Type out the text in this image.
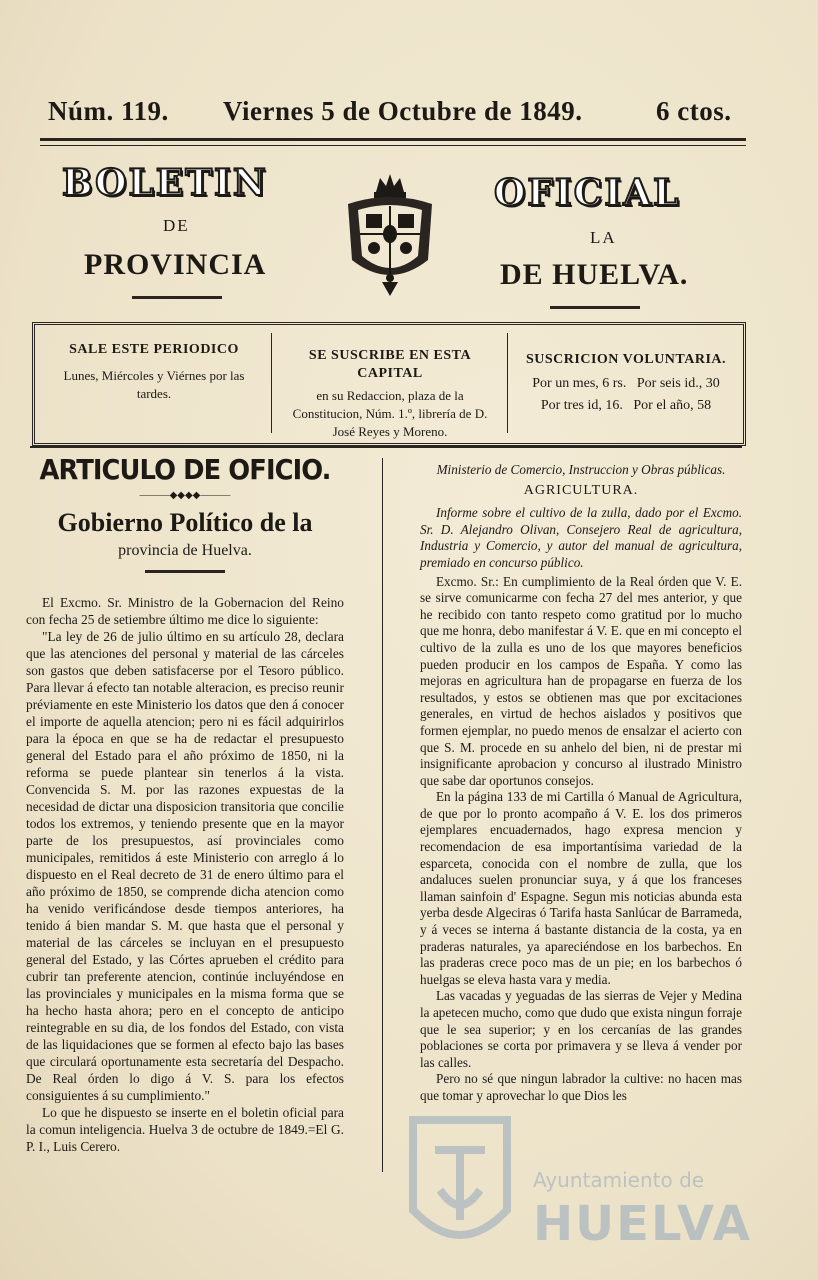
Núm. 119. Viernes 5 de Octubre de 1849.	6 ctos.
BOLETIN	OFICIAL
DE
LA
PROVINCIA	DE HUELVA.
SALE ESTE PERIODICO
Lunes, Miércoles y Viérnes por las tardes.
SE SUSCRIBE EN ESTA CAPITAL
en su Redaccion, plaza de la Constitucion, Núm. 1.º, librería de D. José Reyes y Moreno.
SUSCRICION VOLUNTARIA.
Por un mes, 6 rs.   Por seis id., 30
Por tres id, 16.   Por el año, 58
ARTICULO DE OFICIO.
———◆◆◆◆———
Gobierno Político de la
provincia de Huelva.

El Excmo. Sr. Ministro de la Gobernacion del Reino con fecha 25 de setiembre último me dice lo siguiente:

"La ley de 26 de julio último en su artículo 28, declara que las atenciones del personal y material de las cárceles son gastos que deben satisfacerse por el Tesoro público. Para llevar á efecto tan notable alteracion, es preciso reunir préviamente en este Ministerio los datos que den á conocer el importe de aquella atencion; pero ni es fácil adquirirlos para la época en que se ha de redactar el presupuesto general del Estado para el año próximo de 1850, ni la reforma se puede plantear sin tenerlos á la vista. Convencida S. M. por las razones expuestas de la necesidad de dictar una disposicion transitoria que concilie todos los extremos, y teniendo presente que en la mayor parte de los presupuestos, así provinciales como municipales, remitidos á este Ministerio con arreglo á lo dispuesto en el Real decreto de 31 de enero último para el año próximo de 1850, se comprende dicha atencion como ha venido verificándose desde tiempos anteriores, ha tenido á bien mandar S. M. que hasta que el personal y material de las cárceles se incluyan en el presupuesto general del Estado, y las Córtes aprueben el crédito para cubrir tan preferente atencion, continúe incluyéndose en las provinciales y municipales en la misma forma que se ha hecho hasta ahora; pero en el concepto de anticipo reintegrable en su dia, de los fondos del Estado, con vista de las liquidaciones que se formen al efecto bajo las bases que circulará oportunamente esta secretaría del Despacho. De Real órden lo digo á V. S. para los efectos consiguientes á su cumplimiento."

Lo que he dispuesto se inserte en el boletin oficial para la comun inteligencia. Huelva 3 de octubre de 1849.=El G. P. I., Luis Cerero.

Ministerio de Comercio, Instruccion y Obras públicas.
AGRICULTURA.

Informe sobre el cultivo de la zulla, dado por el Excmo. Sr. D. Alejandro Olivan, Consejero Real de agricultura, Industria y Comercio, y autor del manual de agricultura, premiado en concurso público.

Excmo. Sr.: En cumplimiento de la Real órden que V. E. se sirve comunicarme con fecha 27 del mes anterior, y que he recibido con tanto respeto como gratitud por lo mucho que me honra, debo manifestar á V. E. que en mi concepto el cultivo de la zulla es uno de los que mayores beneficios pueden producir en los campos de España. Y como las mejoras en agricultura han de propagarse en fuerza de los resultados, y estos se obtienen mas que por excitaciones generales, en virtud de hechos aislados y positivos que formen ejemplar, no puedo menos de ensalzar el acierto con que S. M. procede en su anhelo del bien, ni de prestar mi insignificante aprobacion y concurso al ilustrado Ministro que sabe dar oportunos consejos.

En la página 133 de mi Cartilla ó Manual de Agricultura, de que por lo pronto acompaño á V. E. los dos primeros ejemplares encuadernados, hago expresa mencion y recomendacion de esa importantísima variedad de la esparceta, conocida con el nombre de zulla, que los andaluces suelen pronunciar suya, y á que los franceses llaman sainfoin d' Espagne. Segun mis noticias abunda esta yerba desde Algeciras ó Tarifa hasta Sanlúcar de Barrameda, y á veces se interna á bastante distancia de la costa, ya en praderas naturales, ya apareciéndose en los barbechos. En las praderas crece poco mas de un pie; en los barbechos ó huelgas se eleva hasta vara y media.

Las vacadas y yeguadas de las sierras de Vejer y Medina la apetecen mucho, como que dudo que exista ningun forraje que le sea superior; y en los cercanías de las grandes poblaciones se corta por primavera y se lleva á vender por las calles.

Pero no sé que ningun labrador la cultive: no hacen mas que tomar y aprovechar lo que Dios les

Ayuntamiento de
HUELVA
